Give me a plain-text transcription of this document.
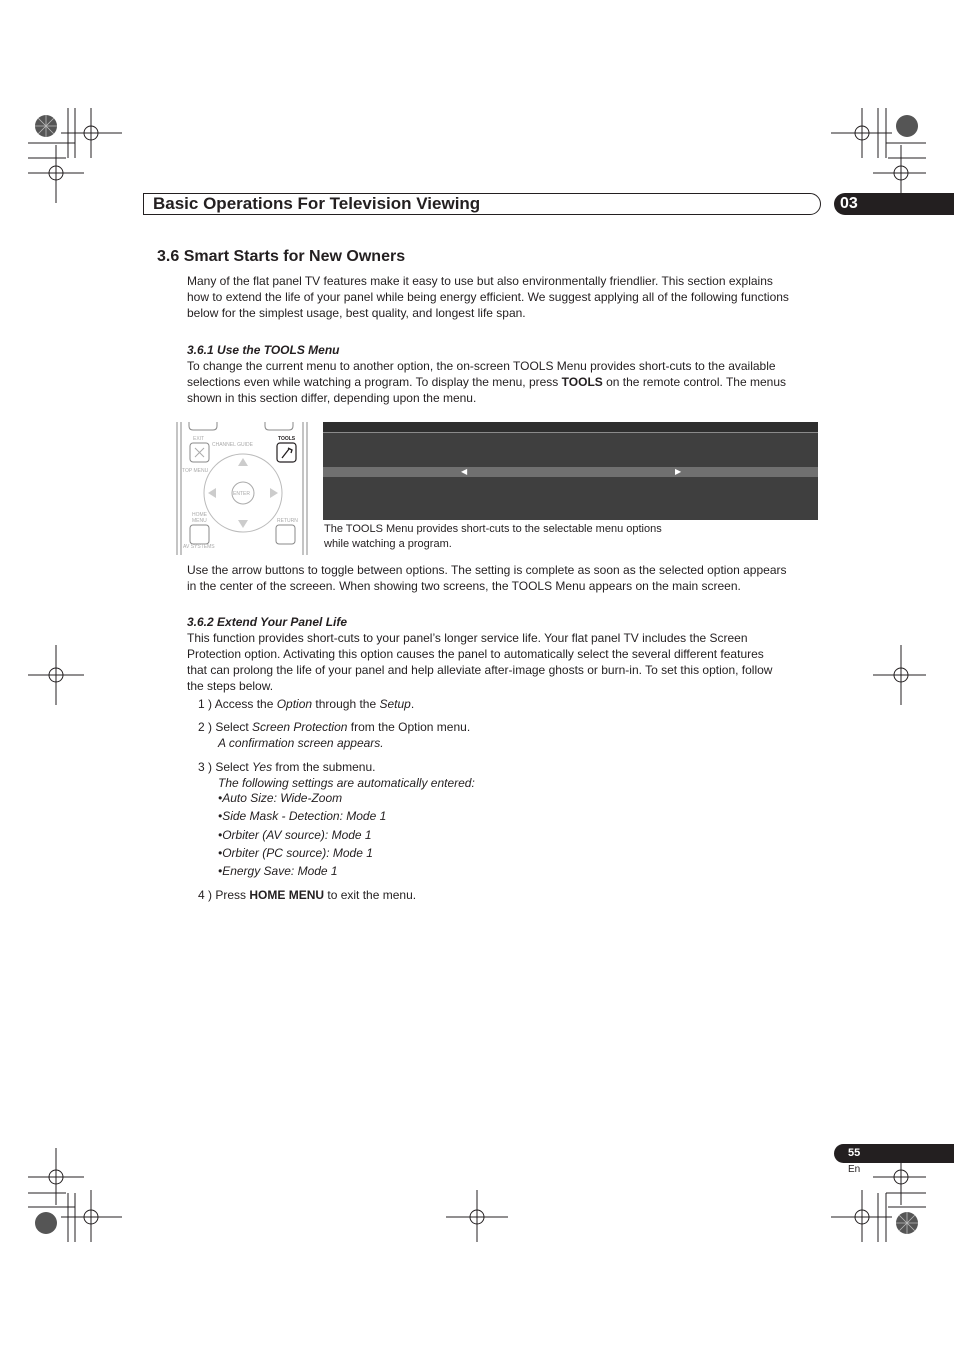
Basic Operations For Television Viewing	03
3.6 Smart Starts for New Owners

Many of the flat panel TV features make it easy to use but also environmentally friendlier. This section explains

how to extend the life of your panel while being energy efficient. We suggest applying all of the following functions

below for the simplest usage, best quality, and longest life span.

3.6.1 Use the TOOLS Menu

To change the current menu to another option, the on-screen TOOLS Menu provides short-cuts to the available

selections even while watching a program. To display the menu, press TOOLS on the remote control. The menus

shown in this section differ, depending upon the menu.

EXIT
CHANNEL GUIDE
TOOLS
TOP MENU
ENTER
HOME
MENU	RETURN
AV SYSTEMS
◀	▶
The TOOLS Menu provides short-cuts to the selectable menu options
while watching a program.

Use the arrow buttons to toggle between options. The setting is complete as soon as the selected option appears

in the center of the screeen. When showing two screens, the TOOLS Menu appears on the main screen.

3.6.2 Extend Your Panel Life

This function provides short-cuts to your panel’s longer service life. Your flat panel TV includes the Screen

Protection option. Activating this option causes the panel to automatically select the several different features

that can prolong the life of your panel and help alleviate after-image ghosts or burn-in. To set this option, follow

the steps below.

1 ) Access the Option through the Setup.
2 ) Select Screen Protection from the Option menu.
A confirmation screen appears.
3 ) Select Yes from the submenu.
The following settings are automatically entered:
•Auto Size: Wide-Zoom
•Side Mask - Detection: Mode 1
•Orbiter (AV source): Mode 1
•Orbiter (PC source): Mode 1
•Energy Save: Mode 1
4 ) Press HOME MENU to exit the menu.
55
En
